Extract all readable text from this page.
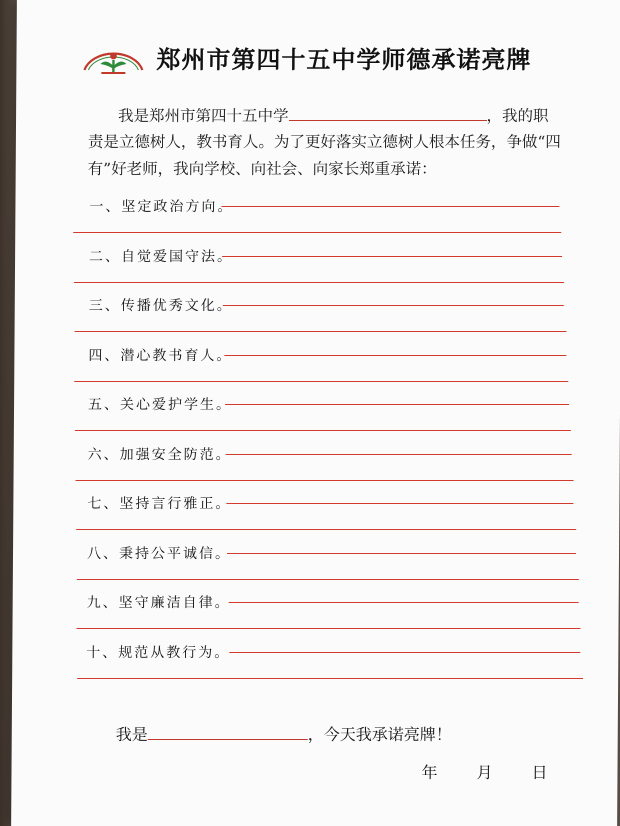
郑州市第四十五中学师德承诺亮牌
我是郑州市第四十五中学	，我的职
责是立德树人，教书育人。为了更好落实立德树人根本任务，争做“四
有”好老师，我向学校、向社会、向家长郑重承诺：
一、坚定政治方向。
二、自觉爱国守法。
三、传播优秀文化。
四、潜心教书育人。
五、关心爱护学生。
六、加强安全防范。
七、坚持言行雅正。
八、秉持公平诚信。
九、坚守廉洁自律。
十、规范从教行为。
我是	，今天我承诺亮牌！
年 月 日
